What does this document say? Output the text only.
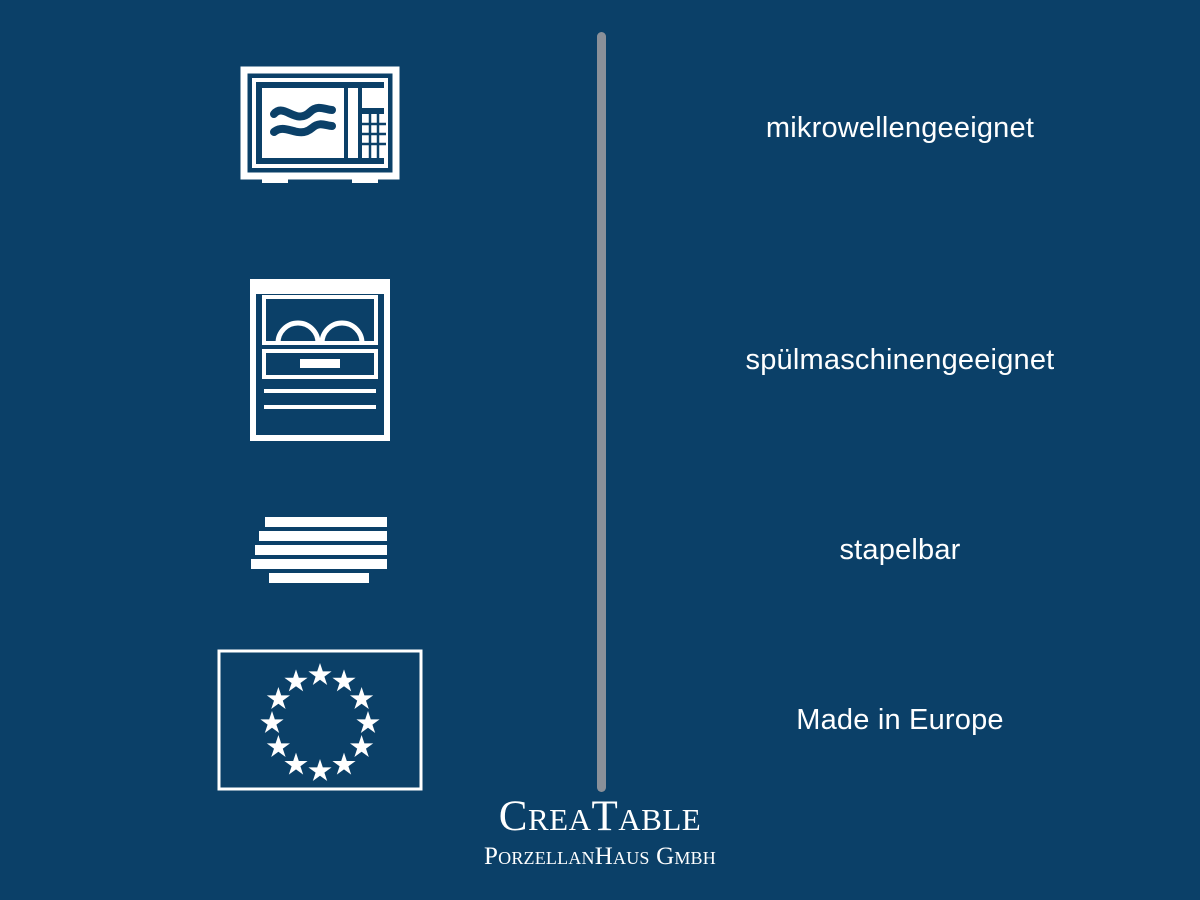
mikrowellengeeignet
spülmaschinengeeignet
stapelbar
Made in Europe
CREATABLE
PORZELLANHAUS GMBH
